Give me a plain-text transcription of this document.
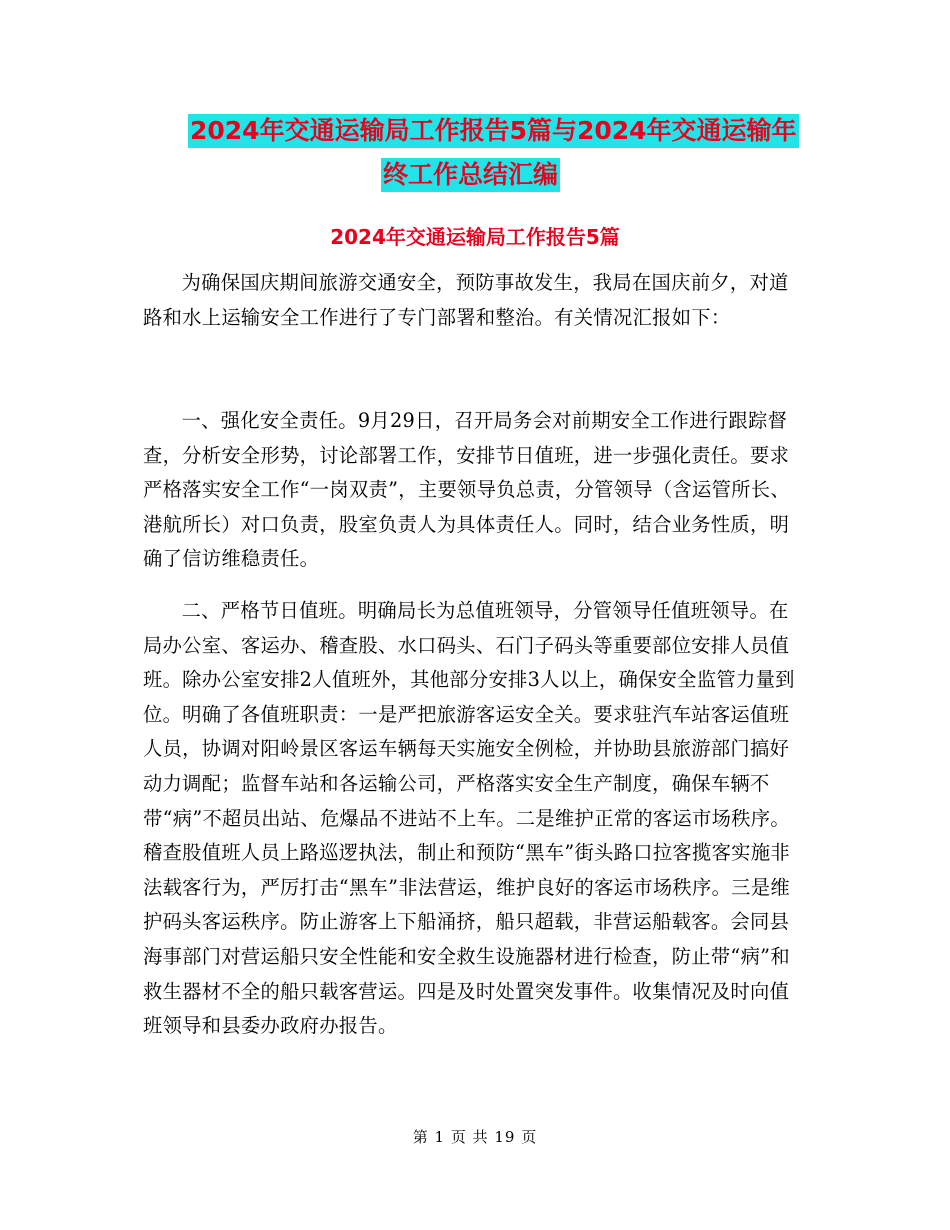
2024年交通运输局工作报告5篇与2024年交通运输年
终工作总结汇编
2024年交通运输局工作报告5篇

为确保国庆期间旅游交通安全，预防事故发生，我局在国庆前夕，对道路和水上运输安全工作进行了专门部署和整治。有关情况汇报如下：

一、强化安全责任。9月29日，召开局务会对前期安全工作进行跟踪督查，分析安全形势，讨论部署工作，安排节日值班，进一步强化责任。要求严格落实安全工作“一岗双责”，主要领导负总责，分管领导（含运管所长、港航所长）对口负责，股室负责人为具体责任人。同时，结合业务性质，明确了信访维稳责任。

二、严格节日值班。明确局长为总值班领导，分管领导任值班领导。在局办公室、客运办、稽查股、水口码头、石门子码头等重要部位安排人员值班。除办公室安排2人值班外，其他部分安排3人以上，确保安全监管力量到位。明确了各值班职责：一是严把旅游客运安全关。要求驻汽车站客运值班人员，协调对阳岭景区客运车辆每天实施安全例检，并协助县旅游部门搞好动力调配；监督车站和各运输公司，严格落实安全生产制度，确保车辆不带“病”不超员出站、危爆品不进站不上车。二是维护正常的客运市场秩序。稽查股值班人员上路巡逻执法，制止和预防“黑车”街头路口拉客揽客实施非法载客行为，严厉打击“黑车”非法营运，维护良好的客运市场秩序。三是维护码头客运秩序。防止游客上下船涌挤，船只超载，非营运船载客。会同县海事部门对营运船只安全性能和安全救生设施器材进行检查，防止带“病”和救生器材不全的船只载客营运。四是及时处置突发事件。收集情况及时向值班领导和县委办政府办报告。

第 1 页 共 19 页
